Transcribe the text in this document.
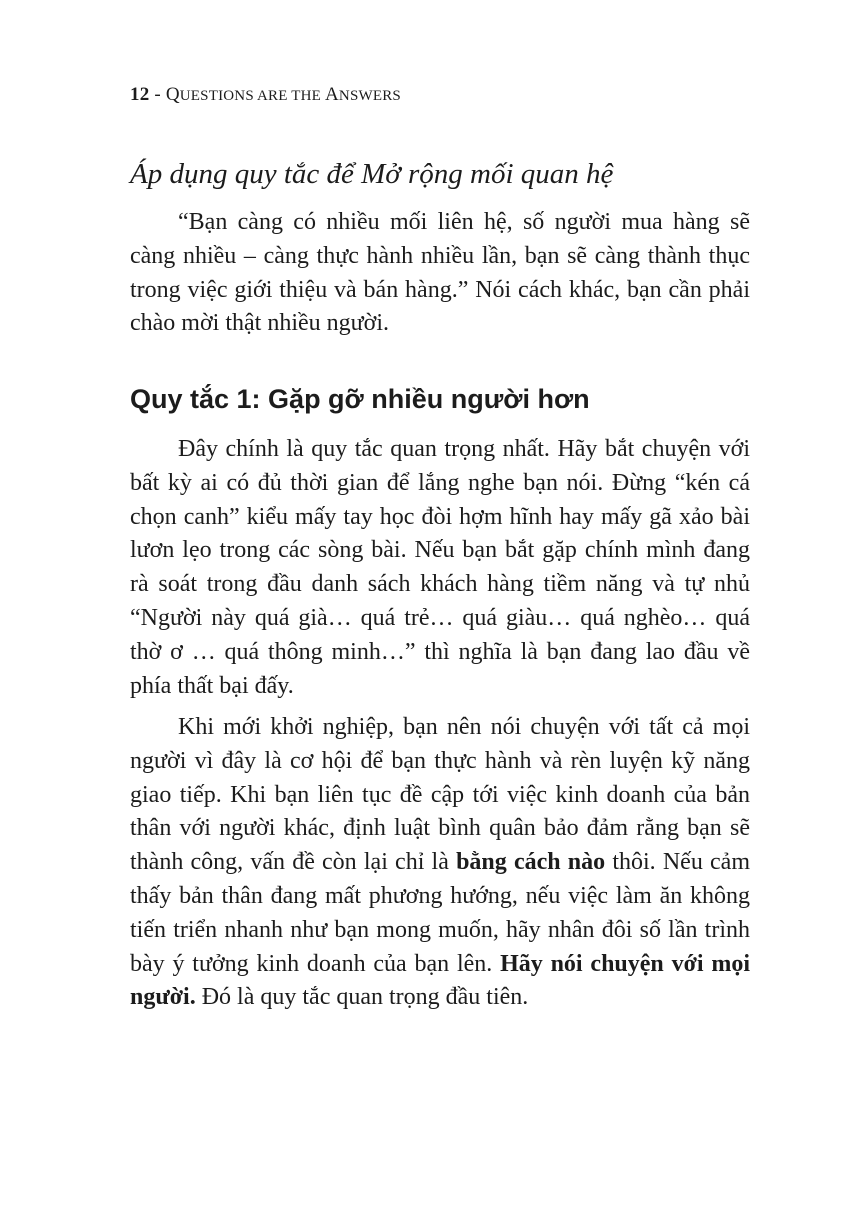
12 - QUESTIONS ARE THE ANSWERS
Áp dụng quy tắc để Mở rộng mối quan hệ

“Bạn càng có nhiều mối liên hệ, số người mua hàng sẽ càng nhiều – càng thực hành nhiều lần, bạn sẽ càng thành thục trong việc giới thiệu và bán hàng.” Nói cách khác, bạn cần phải chào mời thật nhiều người.

Quy tắc 1: Gặp gỡ nhiều người hơn

Đây chính là quy tắc quan trọng nhất. Hãy bắt chuyện với bất kỳ ai có đủ thời gian để lắng nghe bạn nói. Đừng “kén cá chọn canh” kiểu mấy tay học đòi hợm hĩnh hay mấy gã xảo bài lươn lẹo trong các sòng bài. Nếu bạn bắt gặp chính mình đang rà soát trong đầu danh sách khách hàng tiềm năng và tự nhủ “Người này quá già… quá trẻ… quá giàu… quá nghèo… quá thờ ơ … quá thông minh…” thì nghĩa là bạn đang lao đầu về phía thất bại đấy.

Khi mới khởi nghiệp, bạn nên nói chuyện với tất cả mọi người vì đây là cơ hội để bạn thực hành và rèn luyện kỹ năng giao tiếp. Khi bạn liên tục đề cập tới việc kinh doanh của bản thân với người khác, định luật bình quân bảo đảm rằng bạn sẽ thành công, vấn đề còn lại chỉ là bằng cách nào thôi. Nếu cảm thấy bản thân đang mất phương hướng, nếu việc làm ăn không tiến triển nhanh như bạn mong muốn, hãy nhân đôi số lần trình bày ý tưởng kinh doanh của bạn lên. Hãy nói chuyện với mọi người. Đó là quy tắc quan trọng đầu tiên.
